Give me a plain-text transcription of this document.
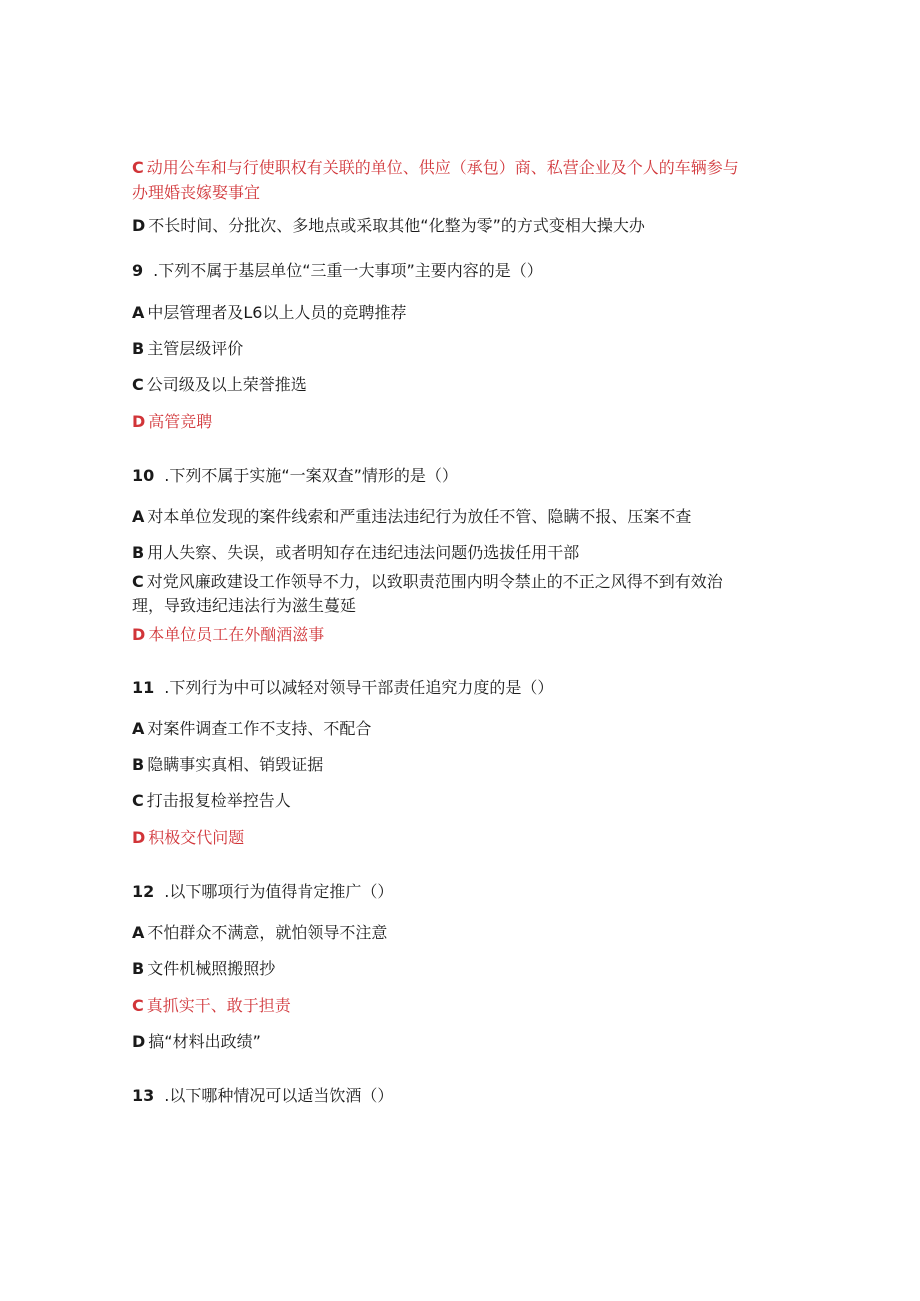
C 动用公车和与行使职权有关联的单位、供应（承包）商、私营企业及个人的车辆参与
办理婚丧嫁娶事宜
D 不长时间、分批次、多地点或采取其他“化整为零”的方式变相大操大办
9 .下列不属于基层单位“三重一大事项”主要内容的是（）
A 中层管理者及L6以上人员的竞聘推荐
B 主管层级评价
C 公司级及以上荣誉推选
D 高管竞聘
10 .下列不属于实施“一案双查”情形的是（）
A 对本单位发现的案件线索和严重违法违纪行为放任不管、隐瞒不报、压案不查
B 用人失察、失误，或者明知存在违纪违法问题仍选拔任用干部
C 对党风廉政建设工作领导不力，以致职责范围内明令禁止的不正之风得不到有效治
理，导致违纪违法行为滋生蔓延
D 本单位员工在外酗酒滋事
11 .下列行为中可以减轻对领导干部责任追究力度的是（）
A 对案件调查工作不支持、不配合
B 隐瞒事实真相、销毁证据
C 打击报复检举控告人
D 积极交代问题
12 .以下哪项行为值得肯定推广（）
A 不怕群众不满意，就怕领导不注意
B 文件机械照搬照抄
C 真抓实干、敢于担责
D 搞“材料出政绩”
13 .以下哪种情况可以适当饮酒（）
